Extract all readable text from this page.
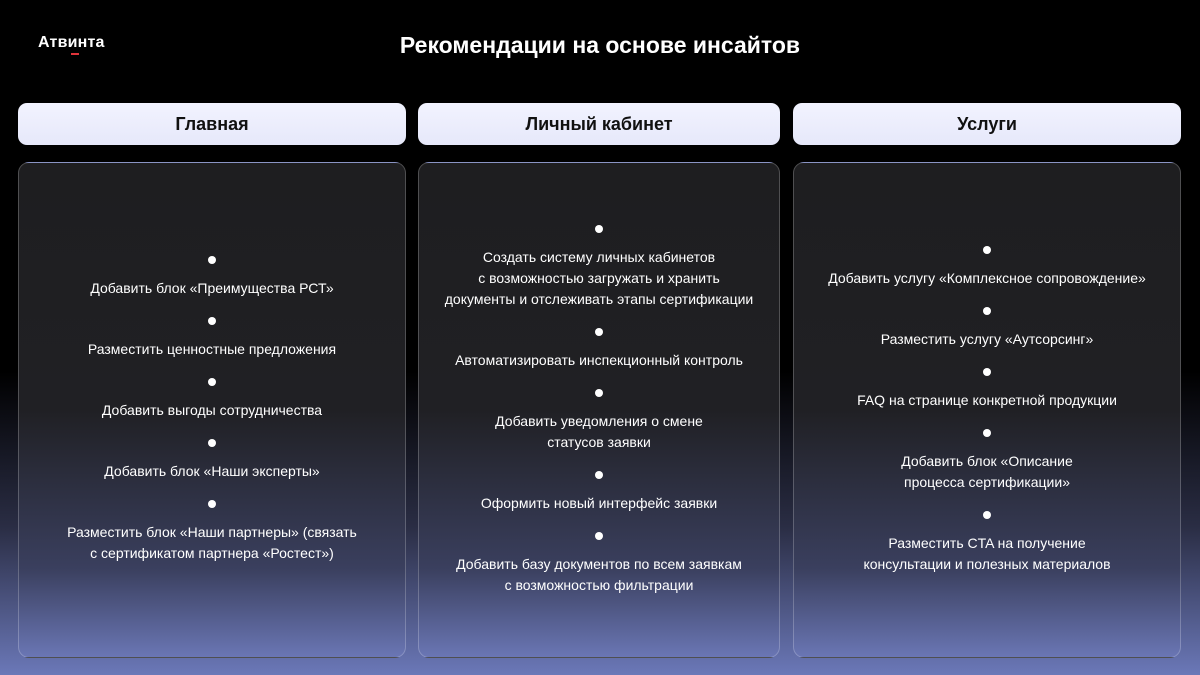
Атвинта	Рекомендации на основе инсайтов
Главная
Добавить блок «Преимущества РСТ»
Разместить ценностные предложения
Добавить выгоды сотрудничества
Добавить блок «Наши эксперты»
Разместить блок «Наши партнеры» (связать
с сертификатом партнера «Ростест»)
Личный кабинет
Создать систему личных кабинетов
с возможностью загружать и хранить
документы и отслеживать этапы сертификации
Автоматизировать инспекционный контроль
Добавить уведомления о смене
статусов заявки
Оформить новый интерфейс заявки
Добавить базу документов по всем заявкам
с возможностью фильтрации
Услуги
Добавить услугу «Комплексное сопровождение»
Разместить услугу «Аутсорсинг»
FAQ на странице конкретной продукции
Добавить блок «Описание
процесса сертификации»
Разместить CTA на получение
консультации и полезных материалов
